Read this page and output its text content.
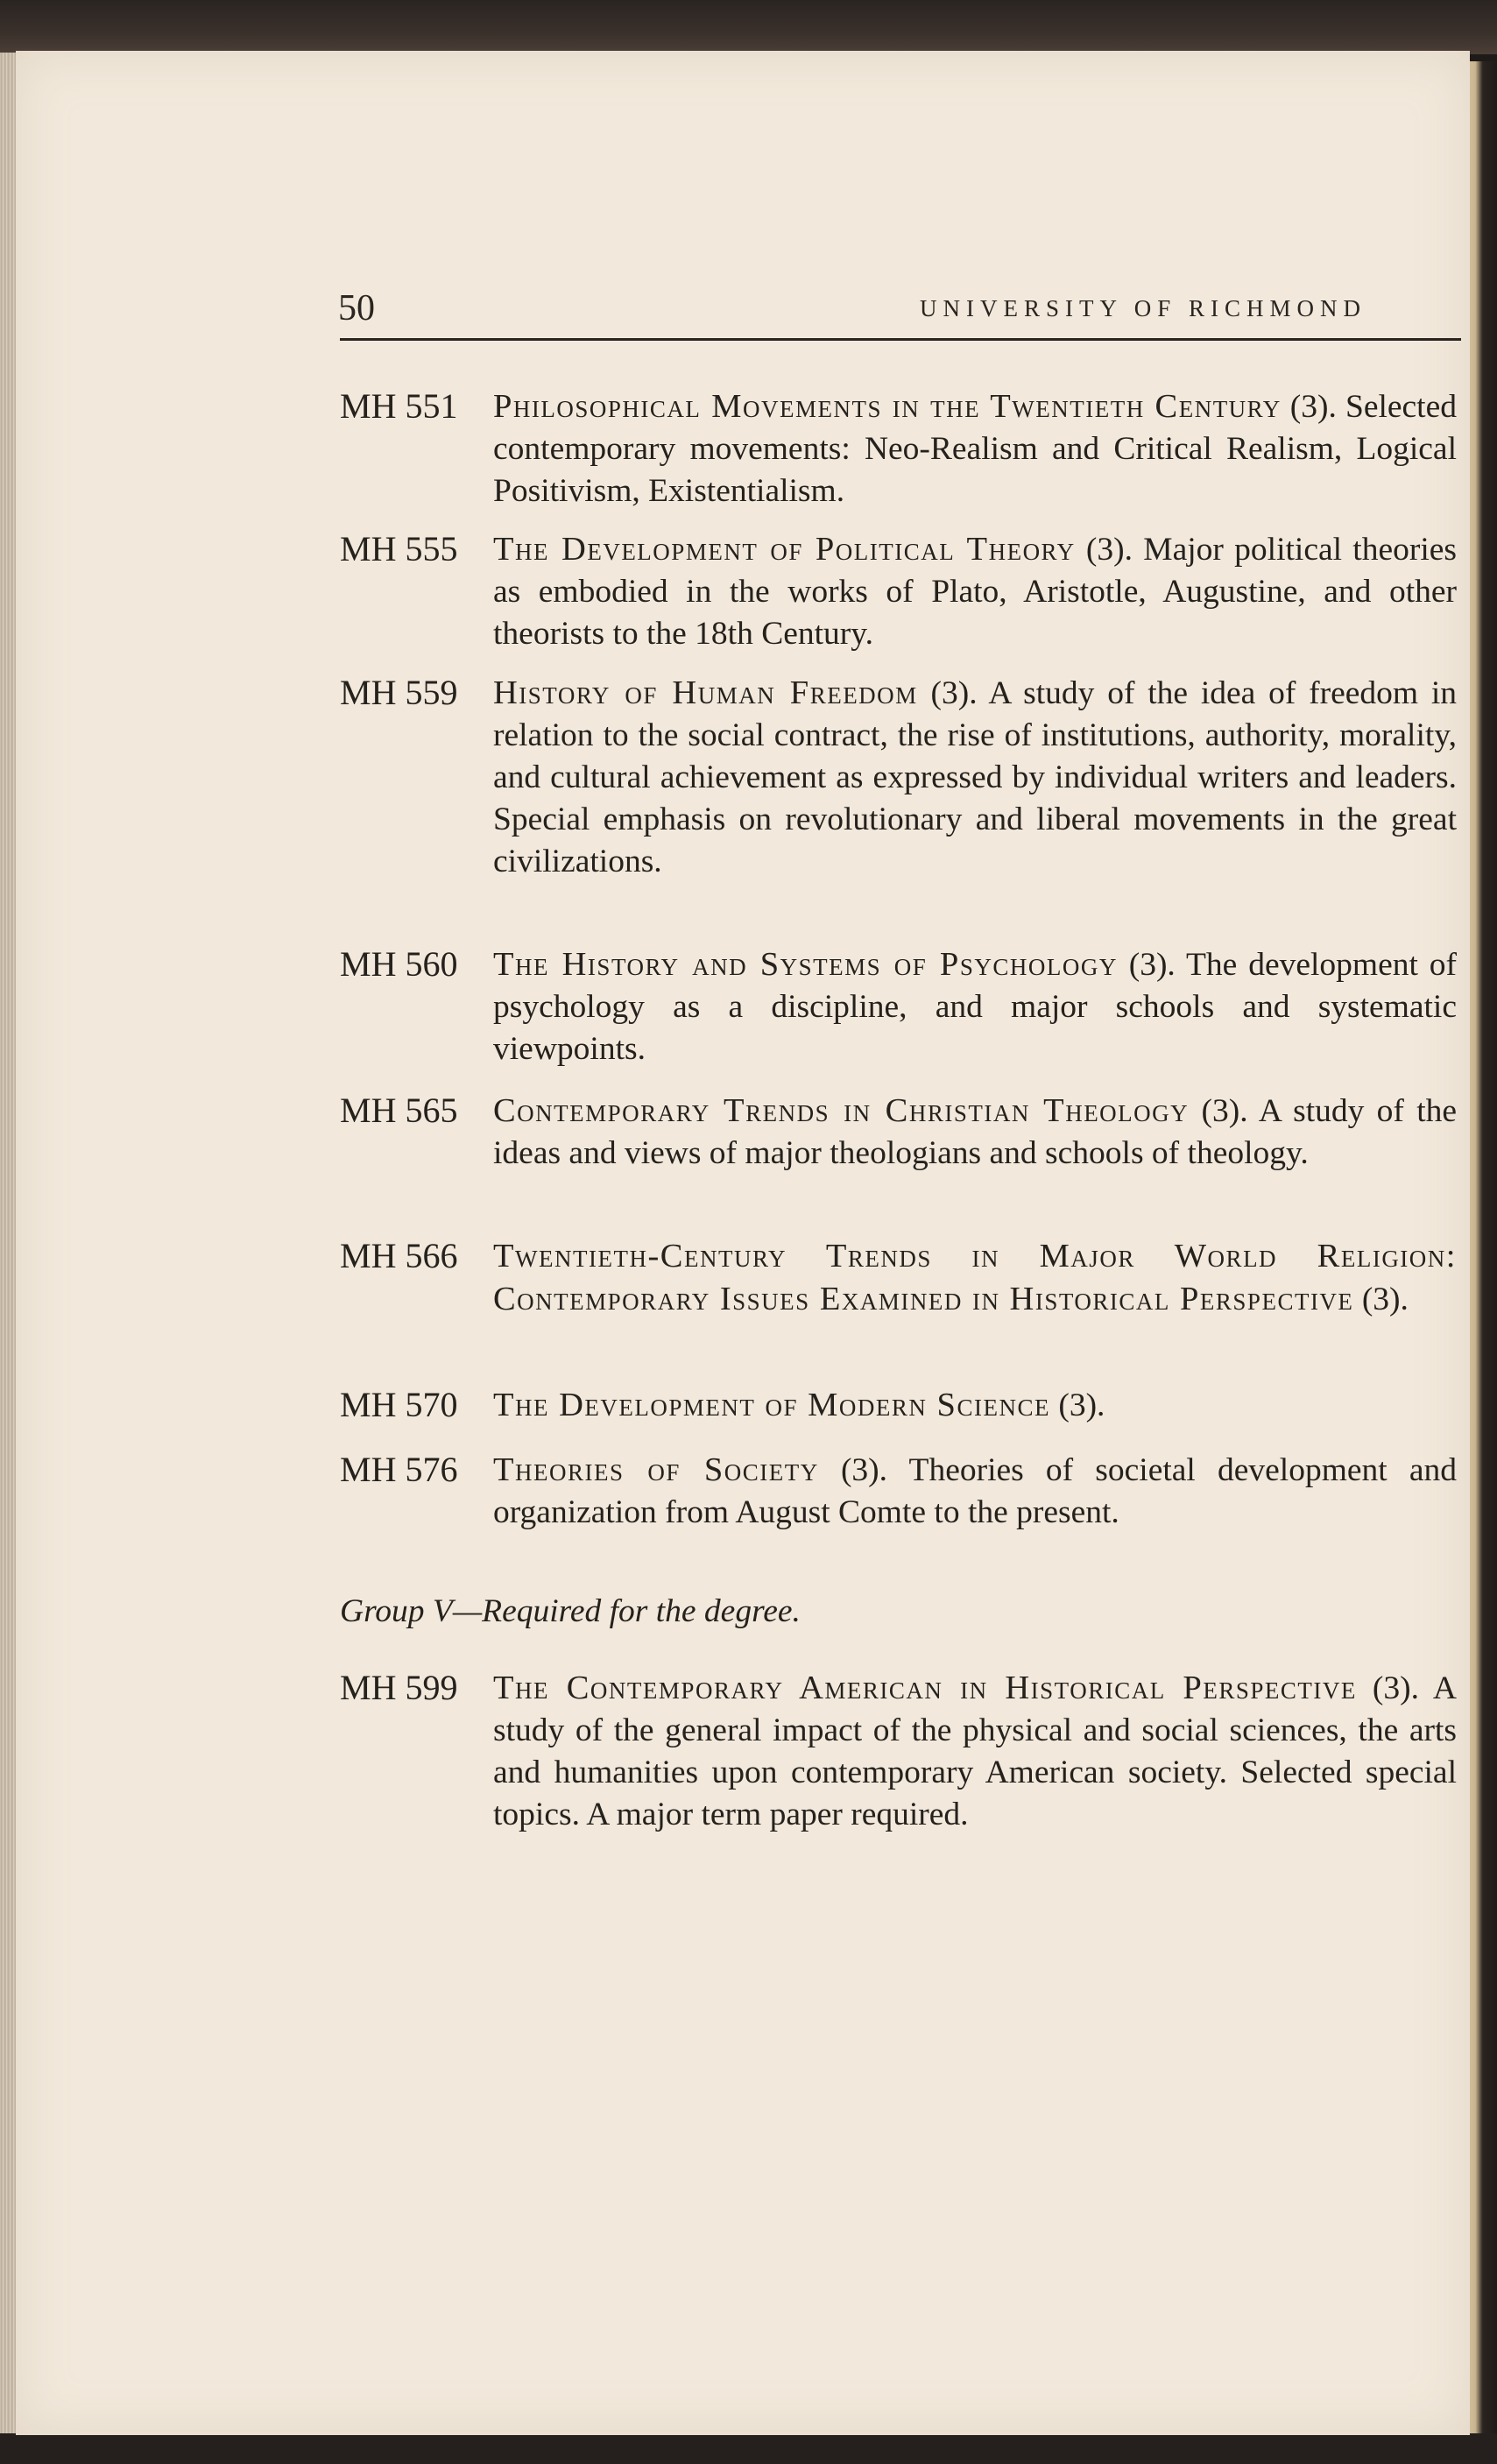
50	UNIVERSITY OF RICHMOND
MH 551 Philosophical Movements in the Twentieth Century (3). Selected contemporary movements: Neo-Realism and Critical Realism, Logical Positivism, Existentialism.
MH 555 The Development of Political Theory (3). Major political theories as embodied in the works of Plato, Aristotle, Augustine, and other theorists to the 18th Century.
MH 559 History of Human Freedom (3). A study of the idea of freedom in relation to the social contract, the rise of institutions, authority, morality, and cultural achievement as expressed by individual writers and leaders. Special emphasis on revolutionary and liberal movements in the great civilizations.
MH 560 The History and Systems of Psychology (3). The development of psychology as a discipline, and major schools and systematic viewpoints.
MH 565 Contemporary Trends in Christian Theology (3). A study of the ideas and views of major theologians and schools of theology.
MH 566 Twentieth-Century Trends in Major World Religion: Contemporary Issues Examined in Historical Perspective (3).
MH 570 The Development of Modern Science (3).
MH 576 Theories of Society (3). Theories of societal development and organization from August Comte to the present.
Group V—Required for the degree.
MH 599 The Contemporary American in Historical Perspective (3). A study of the general impact of the physical and social sciences, the arts and humanities upon contemporary American society. Selected special topics. A major term paper required.
